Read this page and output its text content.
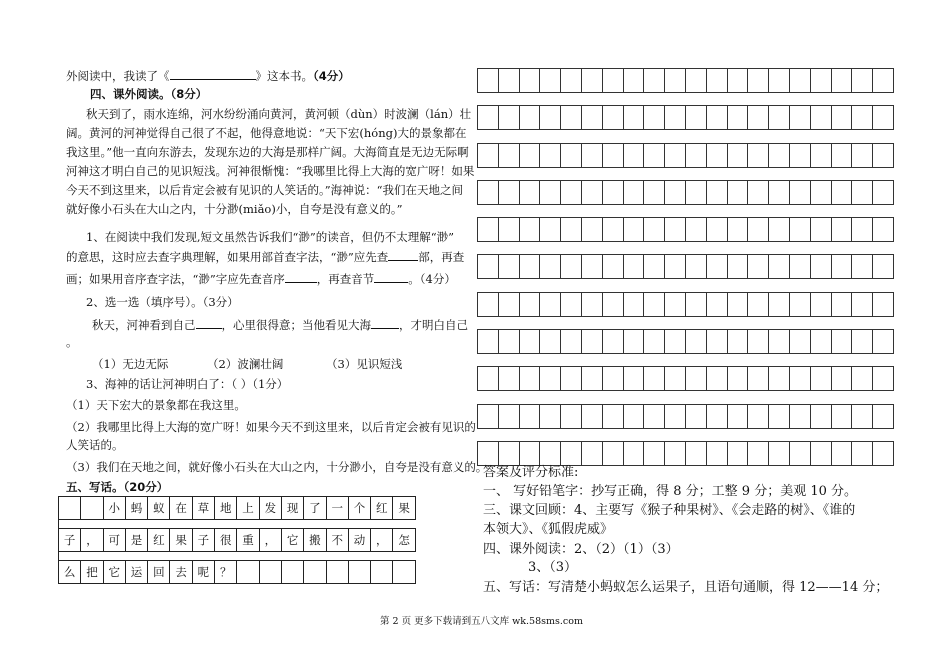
外阅读中，我读了《	》这本书。（4分）
四、课外阅读。（8分）
秋天到了，雨水连绵，河水纷纷涌向黄河，黄河顿（dùn）时波澜（lán）壮
阔。黄河的河神觉得自己很了不起，他得意地说：“天下宏(hóng)大的景象都在
我这里。”他一直向东游去，发现东边的大海是那样广阔。大海简直是无边无际啊
河神这才明白自己的见识短浅。河神很惭愧：“我哪里比得上大海的宽广呀！如果
今天不到这里来，以后肯定会被有见识的人笑话的。”海神说：“我们在天地之间
就好像小石头在大山之内，十分渺(miǎo)小，自夸是没有意义的。”
1、在阅读中我们发现,短文虽然告诉我们“渺”的读音，但仍不太理解“渺”
的意思，这时应去查字典理解，如果用部首查字法，“渺”应先查	部，再查
画；如果用音序查字法，“渺”字应先查音序	，再查音节	。（4分）
2、选一选（填序号）。（3分）
秋天，河神看到自己 ，心里很得意；当他看见大海 ，才明白自己
。
（1）无边无际	（2）波澜壮阔	（3）见识短浅
3、海神的话让河神明白了：（ ）（1分）
（1）天下宏大的景象都在我这里。
（2）我哪里比得上大海的宽广呀！如果今天不到这里来，以后肯定会被有见识的
人笑话的。
（3）我们在天地之间，就好像小石头在大山之内，十分渺小，自夸是没有意义的。
五、写话。（20分）
小 蚂 蚁 在 草 地 上 发 现 了 一 个 红 果
子 ， 可 是 红 果 子 很 重 ， 它 搬 不 动 ， 怎
么 把 它 运 回 去 呢 ？
答案及评分标准:
一、 写好铅笔字：抄写正确，得 8 分；工整 9 分；美观 10 分。
三、课文回顾：4、主要写《猴子种果树》、《会走路的树》、《谁的
本领大》、《狐假虎威》
四、课外阅读：2、（2）（1）（3）
3、（3）
五、写话：写清楚小蚂蚁怎么运果子，且语句通顺，得 12——14 分；
第 2 页 更多下载请到五八文库 wk.58sms.com
